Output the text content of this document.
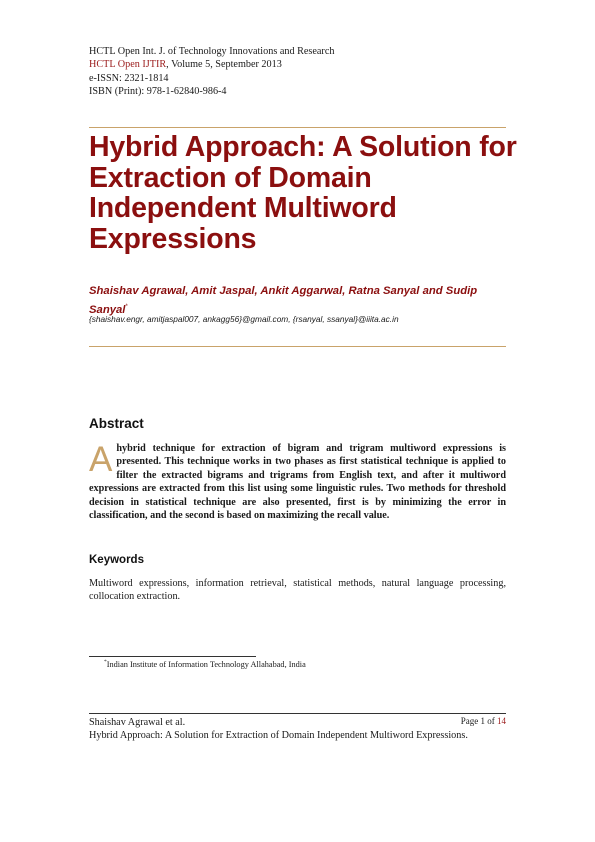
HCTL Open Int. J. of Technology Innovations and Research
HCTL Open IJTIR, Volume 5, September 2013
e-ISSN: 2321-1814
ISBN (Print): 978-1-62840-986-4
Hybrid Approach: A Solution for Extraction of Domain Independent Multiword Expressions
Shaishav Agrawal, Amit Jaspal, Ankit Aggarwal, Ratna Sanyal and Sudip Sanyal*
{shaishav.engr, amitjaspal007, ankagg56}@gmail.com, {rsanyal, ssanyal}@iiita.ac.in
Abstract
Ahybrid technique for extraction of bigram and trigram multiword expressions is presented. This technique works in two phases as first statistical technique is applied to filter the extracted bigrams and trigrams from English text, and after it multiword expressions are extracted from this list using some linguistic rules. Two methods for threshold decision in statistical technique are also presented, first is by minimizing the error in classification, and the second is based on maximizing the recall value.
Keywords
Multiword expressions, information retrieval, statistical methods, natural language processing, collocation extraction.
*Indian Institute of Information Technology Allahabad, India
Shaishav Agrawal et al.
Hybrid Approach: A Solution for Extraction of Domain Independent Multiword Expressions.
Page 1 of 14
